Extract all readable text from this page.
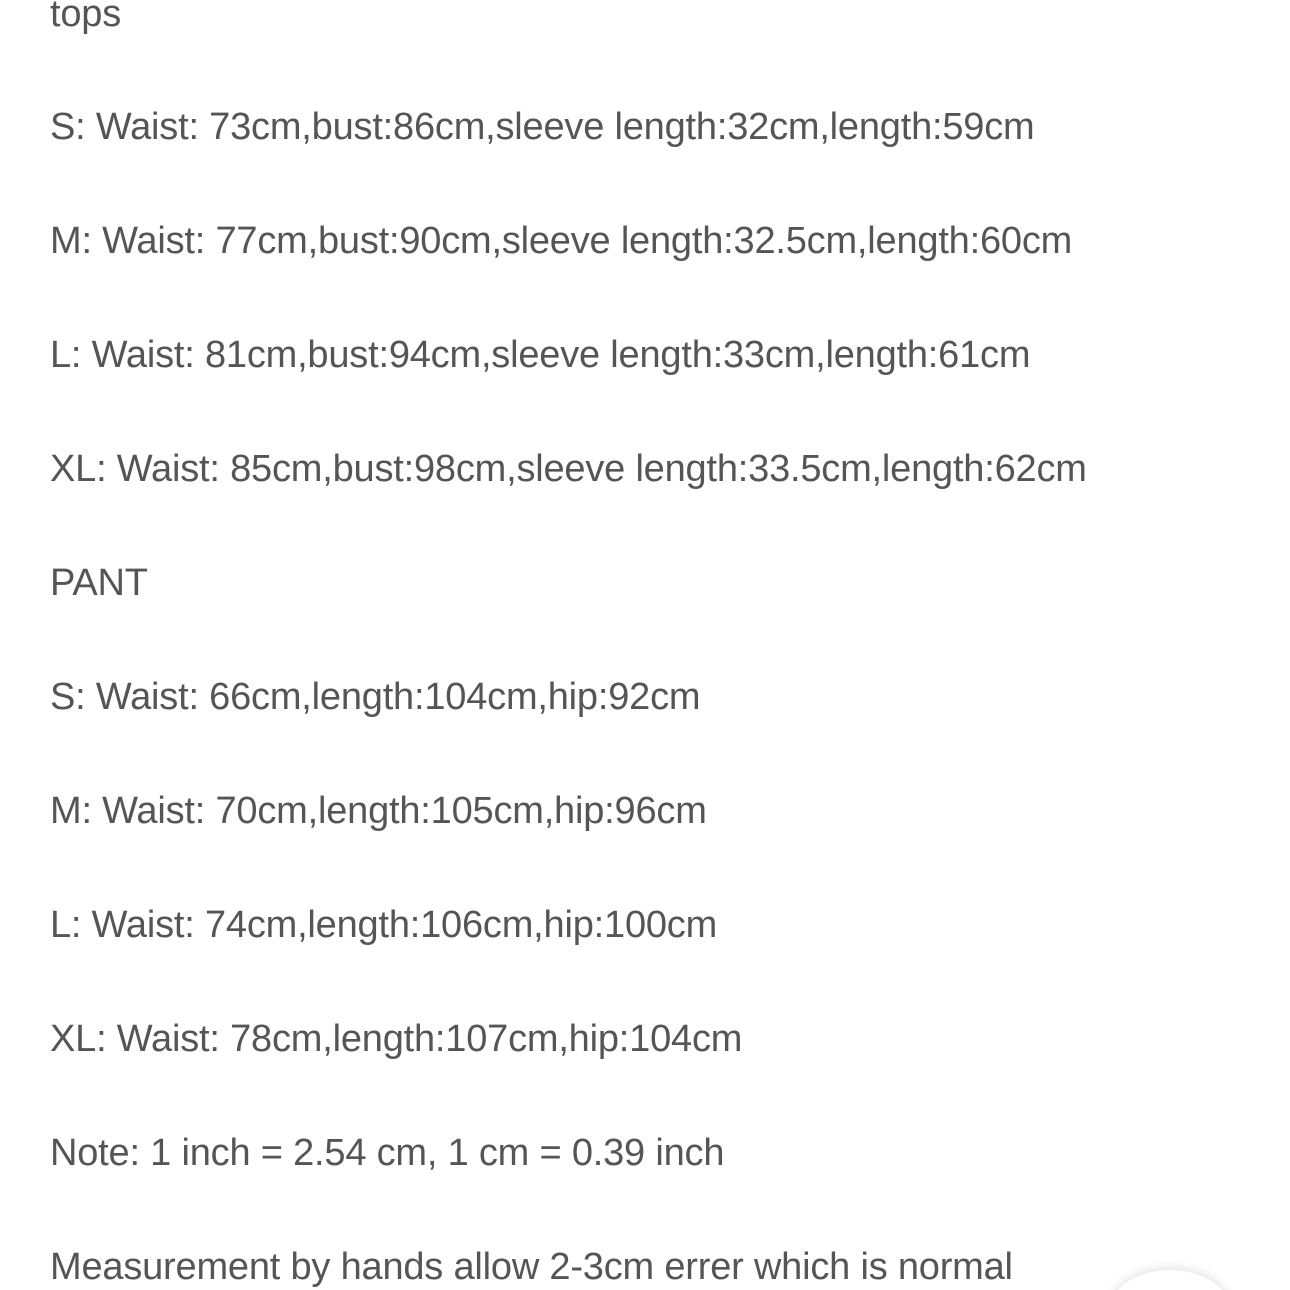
tops
S: Waist: 73cm,bust:86cm,sleeve length:32cm,length:59cm
M: Waist: 77cm,bust:90cm,sleeve length:32.5cm,length:60cm
L: Waist: 81cm,bust:94cm,sleeve length:33cm,length:61cm
XL: Waist: 85cm,bust:98cm,sleeve length:33.5cm,length:62cm
PANT
S: Waist: 66cm,length:104cm,hip:92cm
M: Waist: 70cm,length:105cm,hip:96cm
L: Waist: 74cm,length:106cm,hip:100cm
XL: Waist: 78cm,length:107cm,hip:104cm
Note: 1 inch = 2.54 cm, 1 cm = 0.39 inch
Measurement by hands allow 2-3cm errer which is normal
